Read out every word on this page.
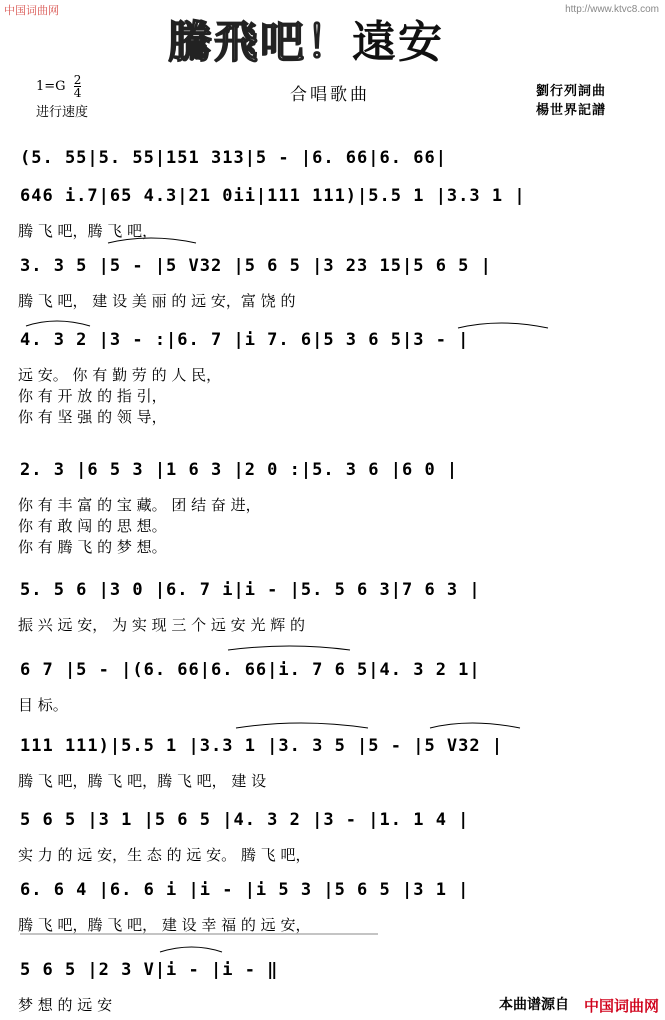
中国词曲网	http://www.ktvc8.com
騰飛吧！遠安
$1=G \frac{2}{4}$
进行速度
合唱歌曲	劉行列詞曲
楊世界記譜
(5. 55|5. 55|151 313|5 - |6. 66|6. 66|
646 i.7|65 4.3|21 0ii|111 111)|5.5 1 |3.3 1 |
腾 飞 吧，腾 飞 吧，
3. 3 5 |5 - |5 V32 |5 6 5 |3 23 15|5 6 5 |
腾 飞 吧， 建 设 美 丽 的 远 安，富 饶 的
4. 3 2 |3 - :|6. 7 |i 7. 6|5 3 6 5|3 - |
远 安。 你 有 勤 劳 的 人 民，
你 有 开 放 的 指 引，
你 有 坚 强 的 领 导，
2. 3 |6 5 3 |1 6 3 |2 0 :|5. 3 6 |6 0 |
你 有 丰 富 的 宝 藏。 团 结 奋 进，
你 有 敢 闯 的 思 想。
你 有 腾 飞 的 梦 想。
5. 5 6 |3 0 |6. 7 i|i - |5. 5 6 3|7 6 3 |
振 兴 远 安， 为 实 现 三 个 远 安 光 辉 的
6 7 |5 - |(6. 66|6. 66|i. 7 6 5|4. 3 2 1|
目 标。
111 111)|5.5 1 |3.3 1 |3. 3 5 |5 - |5 V32 |
腾 飞 吧，腾 飞 吧，腾 飞 吧， 建 设
5 6 5 |3 1 |5 6 5 |4. 3 2 |3 - |1. 1 4 |
实 力 的 远 安，生 态 的 远 安。 腾 飞 吧，
6. 6 4 |6. 6 i |i - |i 5 3 |5 6 5 |3 1 |
腾 飞 吧，腾 飞 吧， 建 设 幸 福 的 远 安，
5 6 5 |2 3 V|i - |i - ‖
梦 想 的 远 安	本曲谱源自 中国词曲网
